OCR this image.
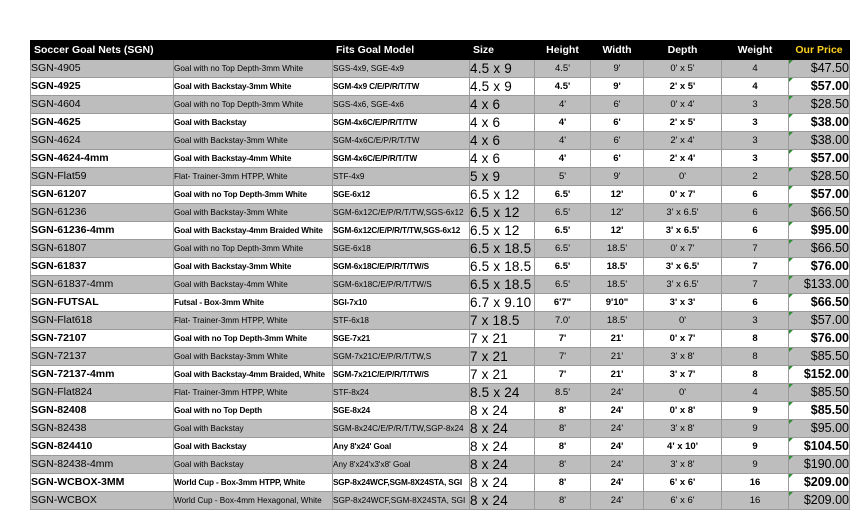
Soccer Goal Nets (SGN)		Fits Goal Model	Size	Height	Width	Depth	Weight	Our Price
SGN-4905	Goal with no Top Depth-3mm White	SGS-4x9, SGE-4x9	4.5 x 9	4.5'	9'	0' x 5'	4	$47.50
SGN-4925	Goal with Backstay-3mm White	SGM-4x9 C/E/P/R/T/TW	4.5 x 9	4.5'	9'	2' x 5'	4	$57.00
SGN-4604	Goal with no Top Depth-3mm White	SGS-4x6, SGE-4x6	4 x 6	4'	6'	0' x 4'	3	$28.50
SGN-4625	Goal with Backstay	SGM-4x6C/E/P/R/T/TW	4 x 6	4'	6'	2' x 5'	3	$38.00
SGN-4624	Goal with Backstay-3mm White	SGM-4x6C/E/P/R/T/TW	4 x 6	4'	6'	2' x 4'	3	$38.00
SGN-4624-4mm	Goal with Backstay-4mm White	SGM-4x6C/E/P/R/T/TW	4 x 6	4'	6'	2' x 4'	3	$57.00
SGN-Flat59	Flat- Trainer-3mm HTPP, White	STF-4x9	5 x 9	5'	9'	0'	2	$28.50
SGN-61207	Goal with no Top Depth-3mm White	SGE-6x12	6.5 x 12	6.5'	12'	0' x 7'	6	$57.00
SGN-61236	Goal with Backstay-3mm White	SGM-6x12C/E/P/R/T/TW,SGS-6x12	6.5 x 12	6.5'	12'	3' x 6.5'	6	$66.50
SGN-61236-4mm	Goal with Backstay-4mm Braided White	SGM-6x12C/E/P/R/T/TW,SGS-6x12	6.5 x 12	6.5'	12'	3' x 6.5'	6	$95.00
SGN-61807	Goal with no Top Depth-3mm White	SGE-6x18	6.5 x 18.5	6.5'	18.5'	0' x 7'	7	$66.50
SGN-61837	Goal with Backstay-3mm White	SGM-6x18C/E/P/R/T/TW/S	6.5 x 18.5	6.5'	18.5'	3' x 6.5'	7	$76.00
SGN-61837-4mm	Goal with Backstay-4mm White	SGM-6x18C/E/P/R/T/TW/S	6.5 x 18.5	6.5'	18.5'	3' x 6.5'	7	$133.00
SGN-FUTSAL	Futsal - Box-3mm White	SGI-7x10	6.7 x 9.10	6'7"	9'10"	3' x 3'	6	$66.50
SGN-Flat618	Flat- Trainer-3mm HTPP, White	STF-6x18	7 x 18.5	7.0'	18.5'	0'	3	$57.00
SGN-72107	Goal with no Top Depth-3mm White	SGE-7x21	7 x 21	7'	21'	0' x 7'	8	$76.00
SGN-72137	Goal with Backstay-3mm White	SGM-7x21C/E/P/R/T/TW,S	7 x 21	7'	21'	3' x 8'	8	$85.50
SGN-72137-4mm	Goal with Backstay-4mm Braided, White	SGM-7x21C/E/P/R/T/TW/S	7 x 21	7'	21'	3' x 7'	8	$152.00
SGN-Flat824	Flat- Trainer-3mm HTPP, White	STF-8x24	8.5 x 24	8.5'	24'	0'	4	$85.50
SGN-82408	Goal with no Top Depth	SGE-8x24	8 x 24	8'	24'	0' x 8'	9	$85.50
SGN-82438	Goal with Backstay	SGM-8x24C/E/P/R/T/TW,SGP-8x24	8 x 24	8'	24'	3' x 8'	9	$95.00
SGN-824410	Goal with Backstay	Any 8'x24' Goal	8 x 24	8'	24'	4' x 10'	9	$104.50
SGN-82438-4mm	Goal with Backstay	Any 8'x24'x3'x8' Goal	8 x 24	8'	24'	3' x 8'	9	$190.00
SGN-WCBOX-3MM	World Cup - Box-3mm HTPP, White	SGP-8x24WCF,SGM-8X24STA, SGI	8 x 24	8'	24'	6' x 6'	16	$209.00
SGN-WCBOX	World Cup - Box-4mm Hexagonal, White	SGP-8x24WCF,SGM-8X24STA, SGI	8 x 24	8'	24'	6' x 6'	16	$209.00
